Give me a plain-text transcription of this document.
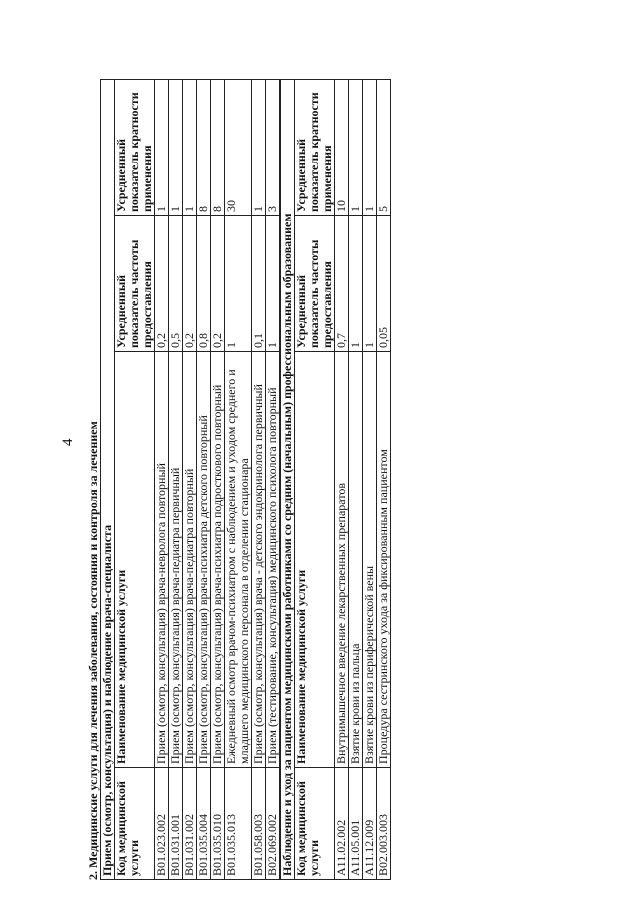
4 2. Медицинские услуги для лечения заболевания, состояния и контроля за лечением Прием (осмотр, консультация) и наблюдение врача-специалиста			
Код медицинской услуги	Наименование медицинской услуги	Усредненный показатель частоты предоставления	Усредненный показатель кратности применения
B01.023.002	Прием (осмотр, консультация) врача-невролога повторный	0,2	1
B01.031.001	Прием (осмотр, консультация) врача-педиатра первичный	0,5	1
B01.031.002	Прием (осмотр, консультация) врача-педиатра повторный	0,2	1
B01.035.004	Прием (осмотр, консультация) врача-психиатра детского повторный	0,8	8
B01.035.010	Прием (осмотр, консультация) врача-психиатра подросткового повторный	0,2	8
B01.035.013	Ежедневный осмотр врачом-психиатром с наблюдением и уходом среднего и младшего медицинского персонала в отделении стационара	1	30
B01.058.003	Прием (осмотр, консультация) врача - детского эндокринолога первичный	0,1	1
B02.069.002	Прием (тестирование, консультация) медицинского психолога повторный	1	3
Наблюдение и уход за пациентом медицинскими работниками со средним (начальным) профессиональным образованием			
Код медицинской услуги	Наименование медицинской услуги	Усредненный показатель частоты предоставления	Усредненный показатель кратности применения
A11.02.002	Внутримышечное введение лекарственных препаратов	0,7	10
A11.05.001	Взятие крови из пальца	1	1
A11.12.009	Взятие крови из периферической вены	1	1
B02.003.003	Процедура сестринского ухода за фиксированным пациентом	0,05	5
